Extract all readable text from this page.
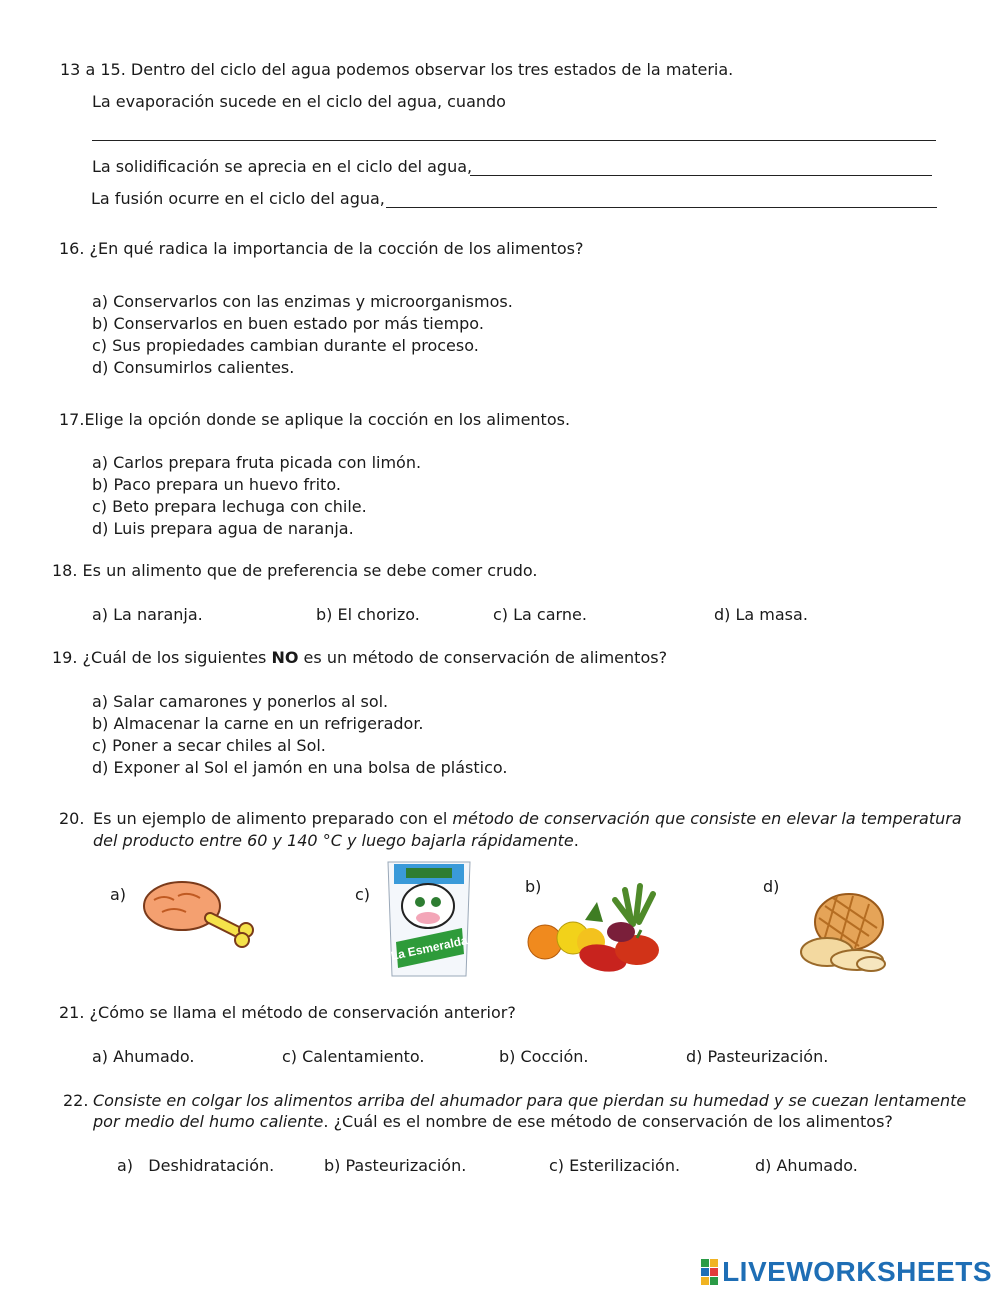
13 a 15. Dentro del ciclo del agua podemos observar los tres estados de la materia.
La evaporación sucede en el ciclo del agua, cuando
La solidificación se aprecia en el ciclo del agua,
La fusión ocurre en el ciclo del agua,
16. ¿En qué radica la importancia de la cocción de los alimentos?
a) Conservarlos con las enzimas y microorganismos.
b) Conservarlos en buen estado por más tiempo.
c) Sus propiedades cambian durante el proceso.
d) Consumirlos calientes.
17.Elige la opción donde se aplique la cocción en los alimentos.
a) Carlos prepara fruta picada con limón.
b) Paco prepara un huevo frito.
c) Beto prepara lechuga con chile.
d) Luis prepara agua de naranja.
18. Es un alimento que de preferencia se debe comer crudo.
a) La naranja.	b) El chorizo.	c) La carne.	d) La masa.
19. ¿Cuál de los siguientes NO es un método de conservación de alimentos?
a) Salar camarones y ponerlos al sol.
b) Almacenar la carne en un refrigerador.
c) Poner a secar chiles al Sol.
d) Exponer al Sol el jamón en una bolsa de plástico.
20. Es un ejemplo de alimento preparado con el método de conservación que consiste en elevar la temperatura
del producto entre 60 y 140 °C y luego bajarla rápidamente.
a)	c)	b)	d)
La Esmeralda
21. ¿Cómo se llama el método de conservación anterior?
a) Ahumado.	c) Calentamiento.	b) Cocción.	d) Pasteurización.
22. Consiste en colgar los alimentos arriba del ahumador para que pierdan su humedad y se cuezan lentamente
por medio del humo caliente. ¿Cuál es el nombre de ese método de conservación de los alimentos?
a)   Deshidratación.	b) Pasteurización.	c) Esterilización.	d) Ahumado.
LIVEWORKSHEETS
